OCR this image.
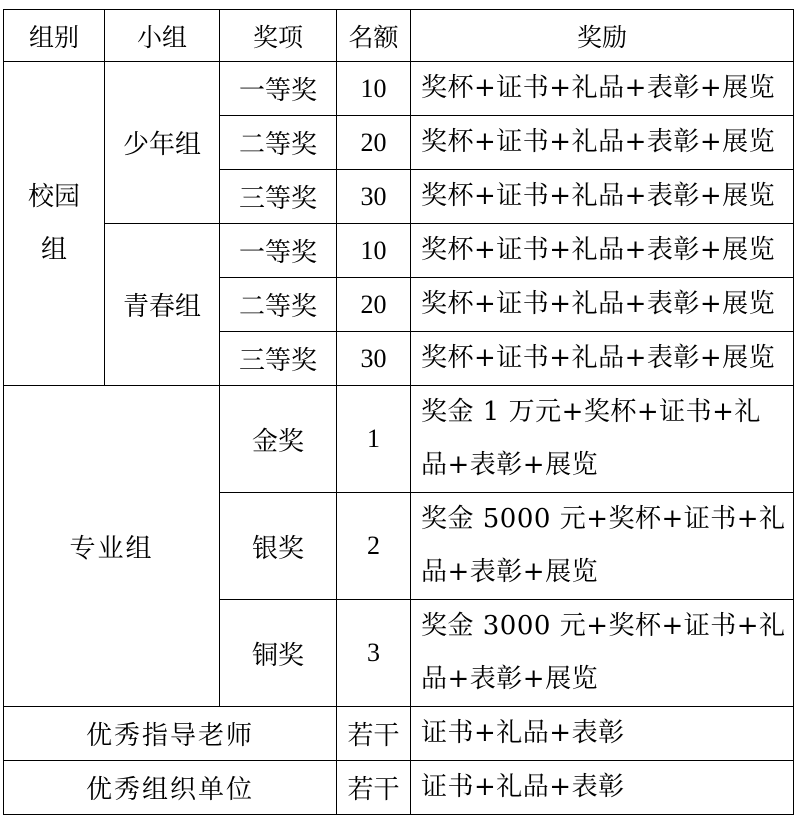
组别	小组	奖项	名额	奖励
校园组	少年组	一等奖	10	奖杯+证书+礼品+表彰+展览
		二等奖	20	奖杯+证书+礼品+表彰+展览
		三等奖	30	奖杯+证书+礼品+表彰+展览
	青春组	一等奖	10	奖杯+证书+礼品+表彰+展览
		二等奖	20	奖杯+证书+礼品+表彰+展览
		三等奖	30	奖杯+证书+礼品+表彰+展览
专业组		金奖	1	奖金 1 万元+奖杯+证书+礼品+表彰+展览
		银奖	2	奖金 5000 元+奖杯+证书+礼品+表彰+展览
		铜奖	3	奖金 3000 元+奖杯+证书+礼品+表彰+展览
优秀指导老师			若干	证书+礼品+表彰
优秀组织单位			若干	证书+礼品+表彰
